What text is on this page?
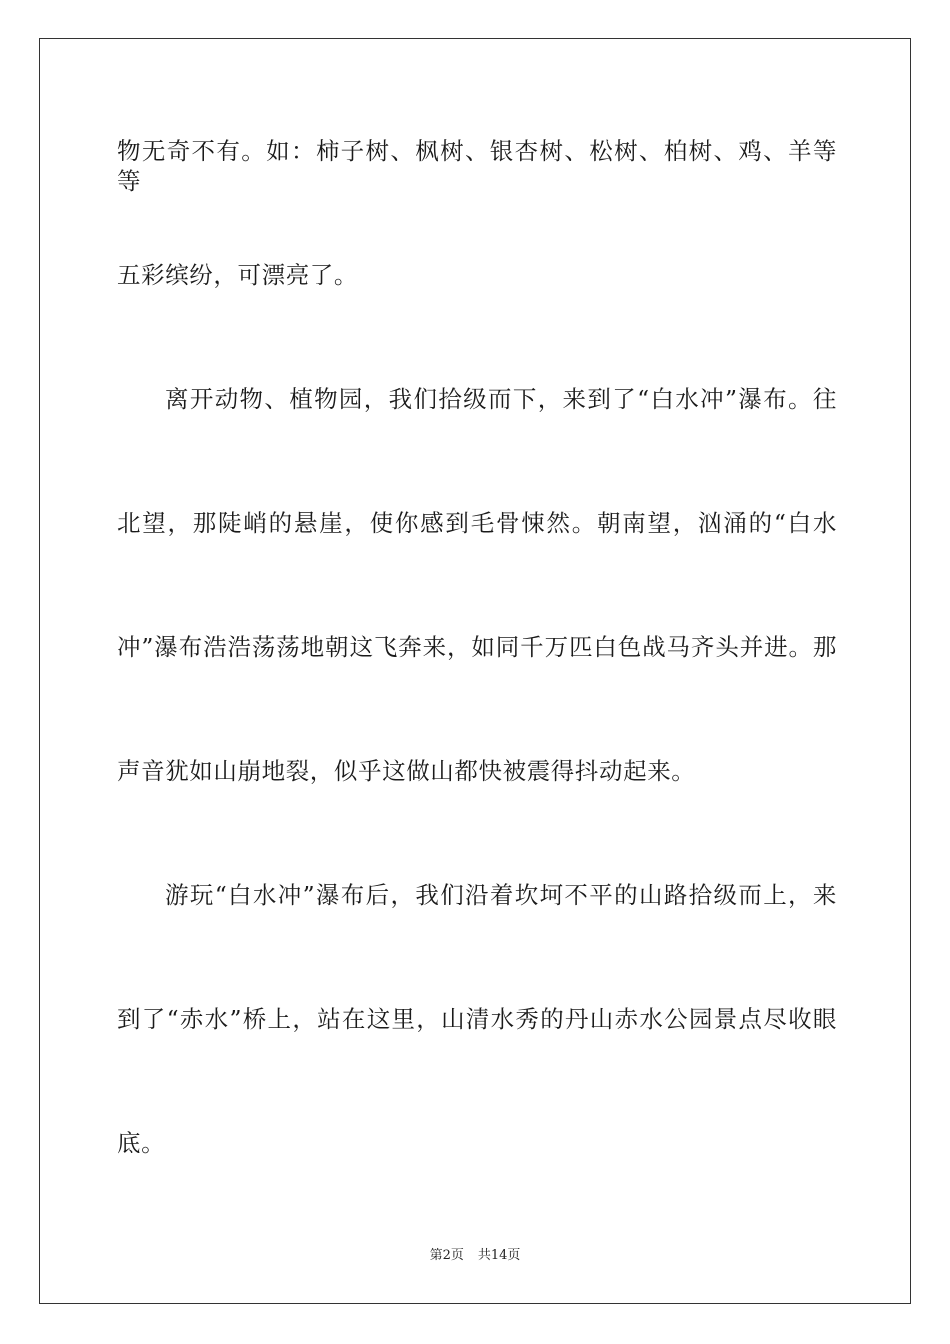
物无奇不有。如：柿子树、枫树、银杏树、松树、柏树、鸡、羊等等
五彩缤纷，可漂亮了。
离开动物、植物园，我们拾级而下，来到了“白水冲”瀑布。往
北望，那陡峭的悬崖，使你感到毛骨悚然。朝南望，汹涌的“白水
冲”瀑布浩浩荡荡地朝这飞奔来，如同千万匹白色战马齐头并进。那
声音犹如山崩地裂，似乎这做山都快被震得抖动起来。
游玩“白水冲”瀑布后，我们沿着坎坷不平的山路拾级而上，来
到了“赤水”桥上，站在这里，山清水秀的丹山赤水公园景点尽收眼
底。
第2页 共14页
